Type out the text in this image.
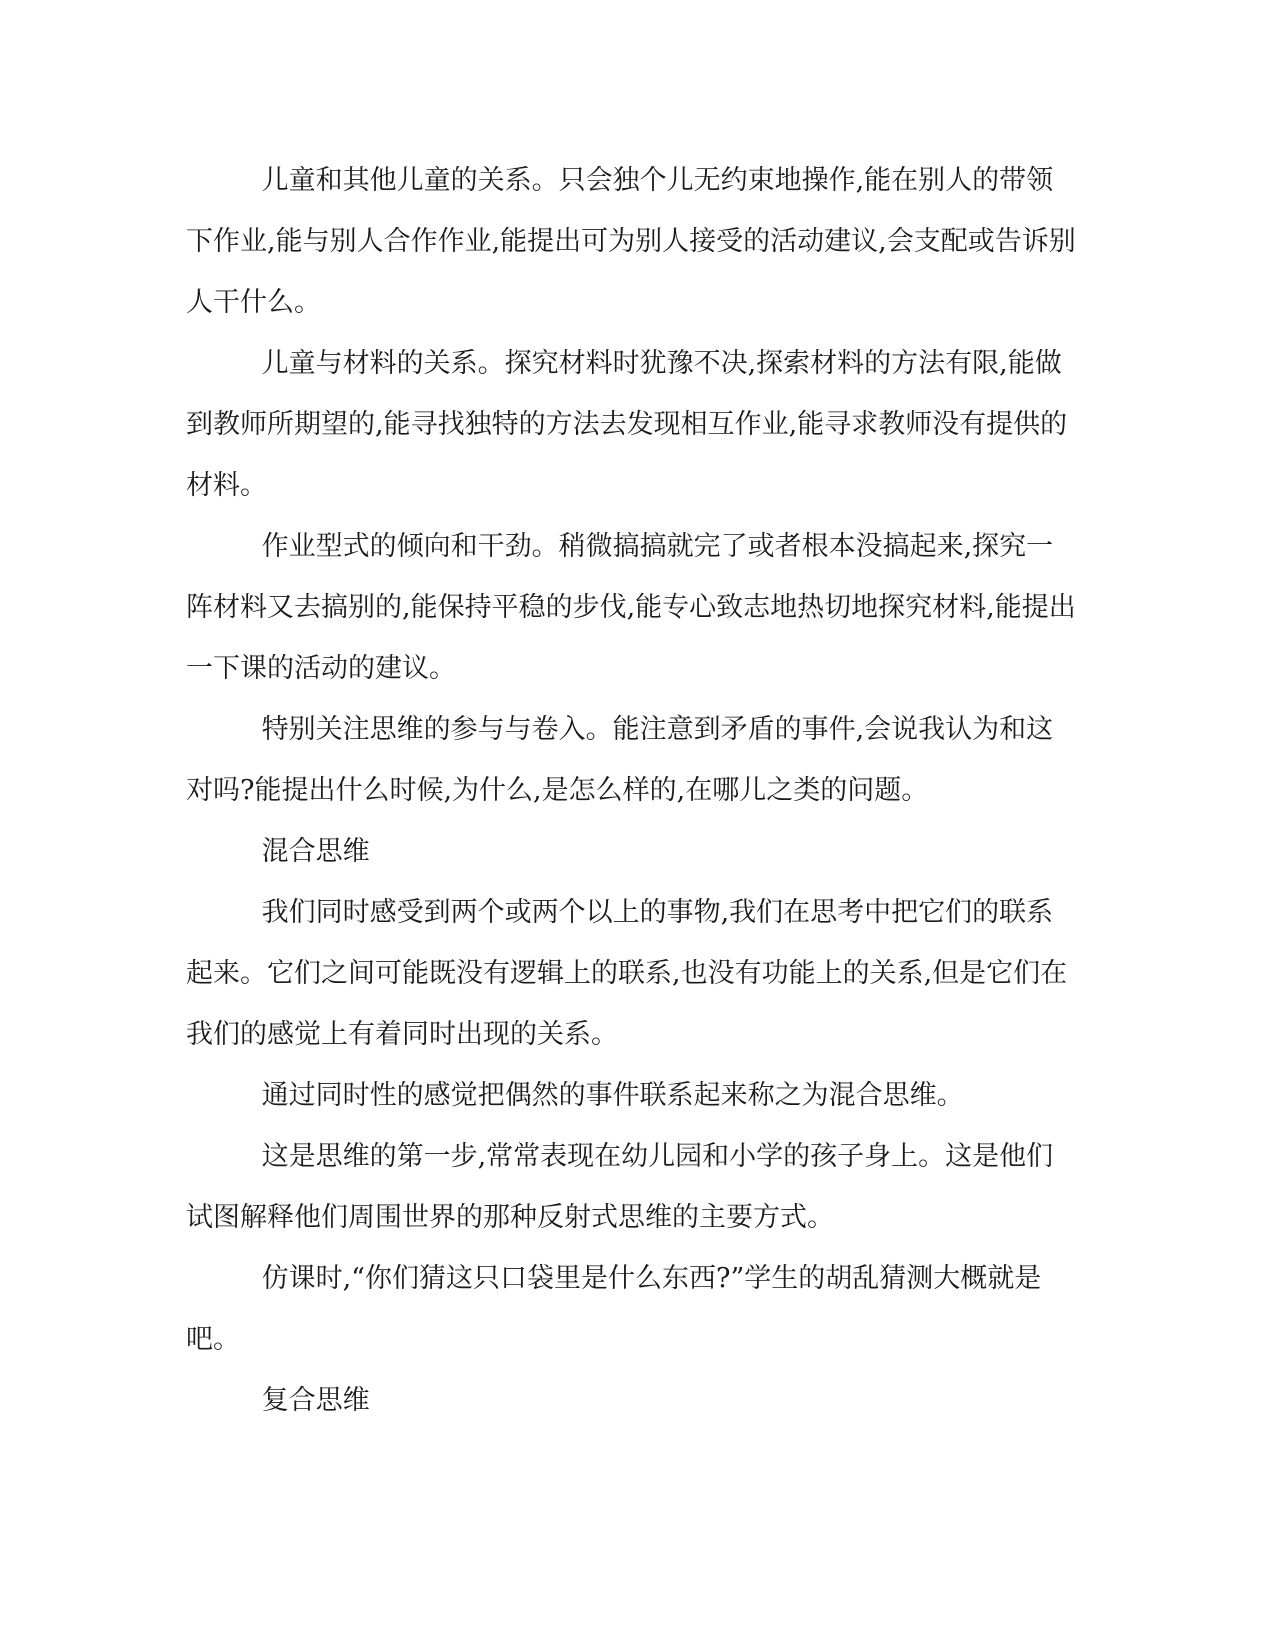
儿童和其他儿童的关系。只会独个儿无约束地操作,能在别人的带领下作业,能与别人合作作业,能提出可为别人接受的活动建议,会支配或告诉别人干什么。

儿童与材料的关系。探究材料时犹豫不决,探索材料的方法有限,能做到教师所期望的,能寻找独特的方法去发现相互作业,能寻求教师没有提供的材料。

作业型式的倾向和干劲。稍微搞搞就完了或者根本没搞起来,探究一阵材料又去搞别的,能保持平稳的步伐,能专心致志地热切地探究材料,能提出一下课的活动的建议。

特别关注思维的参与与卷入。能注意到矛盾的事件,会说我认为和这对吗?能提出什么时候,为什么,是怎么样的,在哪儿之类的问题。

混合思维

我们同时感受到两个或两个以上的事物,我们在思考中把它们的联系起来。它们之间可能既没有逻辑上的联系,也没有功能上的关系,但是它们在我们的感觉上有着同时出现的关系。

通过同时性的感觉把偶然的事件联系起来称之为混合思维。

这是思维的第一步,常常表现在幼儿园和小学的孩子身上。这是他们试图解释他们周围世界的那种反射式思维的主要方式。

仿课时,“你们猜这只口袋里是什么东西?”学生的胡乱猜测大概就是吧。

复合思维
